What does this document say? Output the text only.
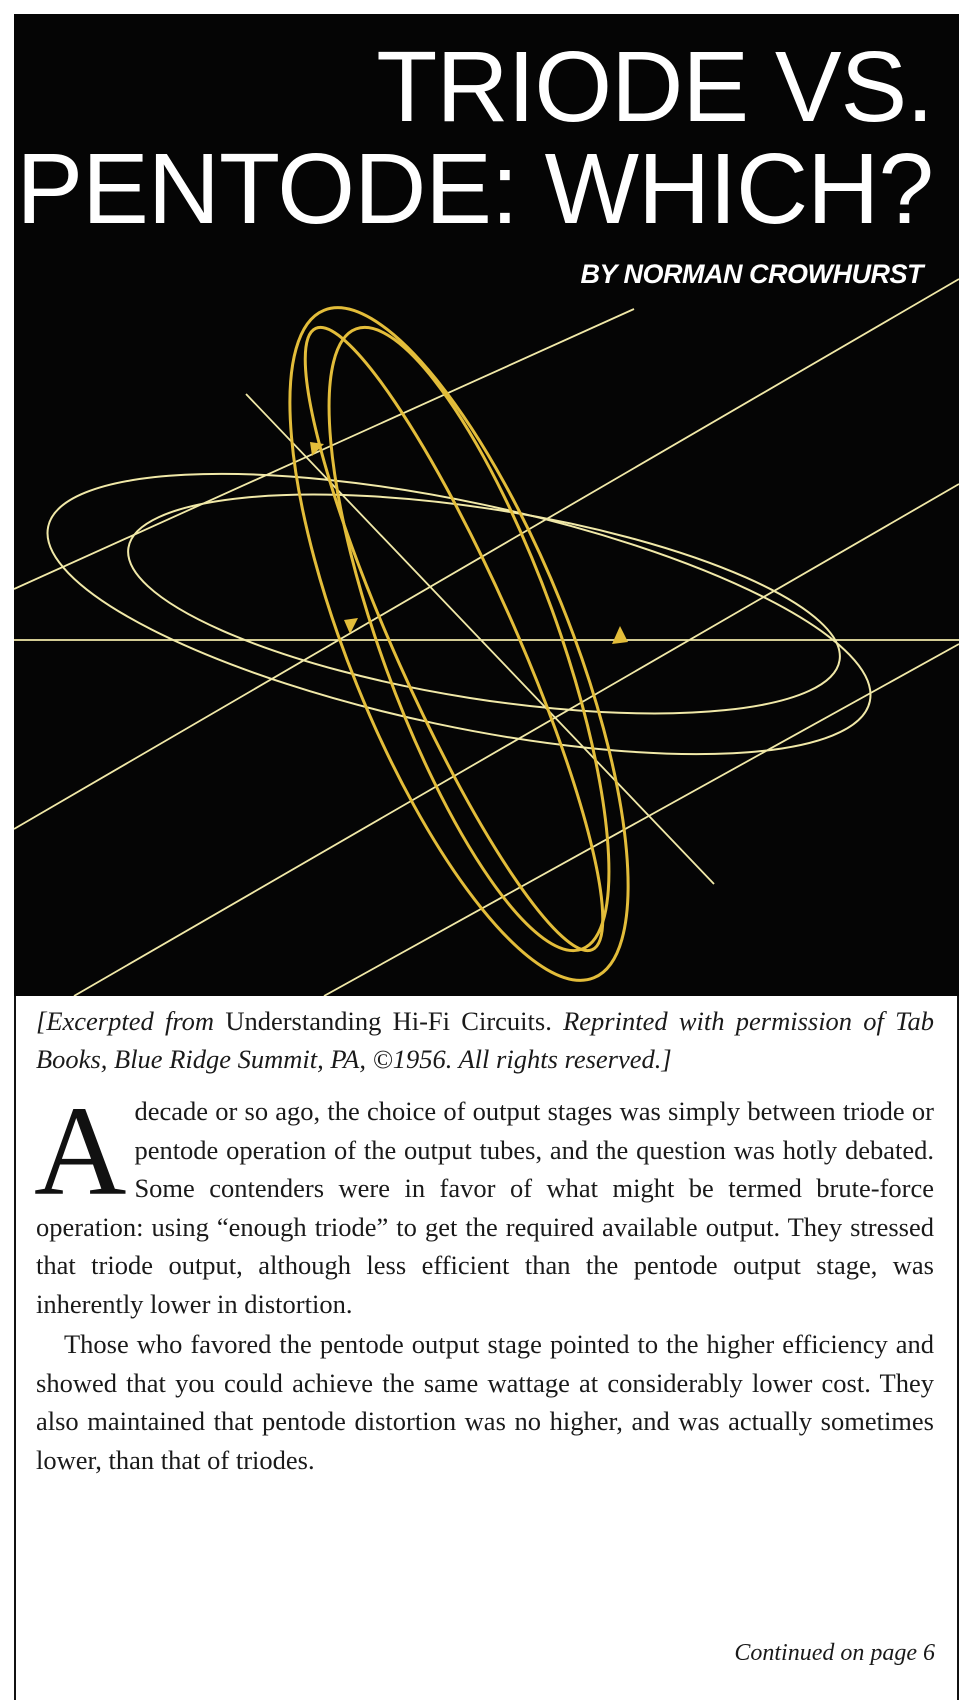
TRIODE VS.
PENTODE: WHICH?
BY NORMAN CROWHURST

[Excerpted from Understanding Hi-Fi Circuits. Reprinted with permission of Tab Books, Blue Ridge Summit, PA, ©1956. All rights reserved.]

Adecade or so ago, the choice of output stages was simply between triode or pentode operation of the output tubes, and the question was hotly debated. Some contenders were in favor of what might be termed brute-force operation: using “enough triode” to get the required available output. They stressed that triode output, although less efficient than the pentode output stage, was inherently lower in distortion.

Those who favored the pentode output stage pointed to the higher efficiency and showed that you could achieve the same wattage at considerably lower cost. They also maintained that pentode distortion was no higher, and was actually sometimes lower, than that of triodes.

Continued on page 6
